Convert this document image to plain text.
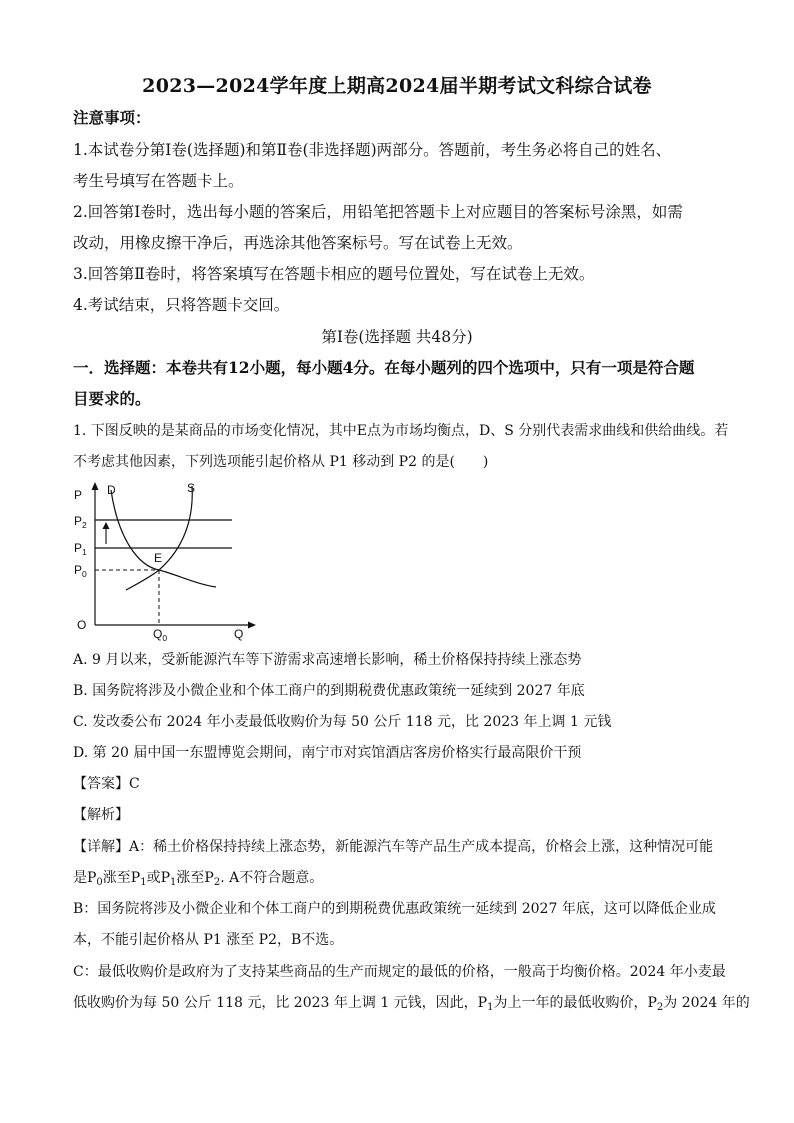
2023—2024学年度上期高2024届半期考试文科综合试卷
注意事项：
1.本试卷分第Ⅰ卷(选择题)和第Ⅱ卷(非选择题)两部分。答题前，考生务必将自己的姓名、
考生号填写在答题卡上。
2.回答第Ⅰ卷时，选出每小题的答案后，用铅笔把答题卡上对应题目的答案标号涂黑，如需
改动，用橡皮擦干净后，再选涂其他答案标号。写在试卷上无效。
3.回答第Ⅱ卷时，将答案填写在答题卡相应的题号位置处，写在试卷上无效。
4.考试结束，只将答题卡交回。
第Ⅰ卷(选择题 共48分)
一．选择题：本卷共有12小题，每小题4分。在每小题列的四个选项中，只有一项是符合题
目要求的。
1. 下图反映的是某商品的市场变化情况，其中E点为市场均衡点，D、S 分别代表需求曲线和供给曲线。若
不考虑其他因素，下列选项能引起价格从 P1 移动到 P2 的是(　　)
P
$P_2$
$P_1$
$P_0$
O
$Q_0$	Q
D	S
E
A. 9 月以来，受新能源汽车等下游需求高速增长影响，稀土价格保持持续上涨态势
B. 国务院将涉及小微企业和个体工商户的到期税费优惠政策统一延续到 2027 年底
C. 发改委公布 2024 年小麦最低收购价为每 50 公斤 118 元，比 2023 年上调 1 元钱
D. 第 20 届中国一东盟博览会期间，南宁市对宾馆酒店客房价格实行最高限价干预
【答案】C
【解析】
【详解】A：稀土价格保持持续上涨态势，新能源汽车等产品生产成本提高，价格会上涨，这种情况可能
是$P_0$涨至$P_1$或$P_1$涨至$P_2$. A不符合题意。
B：国务院将涉及小微企业和个体工商户的到期税费优惠政策统一延续到 2027 年底，这可以降低企业成
本，不能引起价格从 P1 涨至 P2，B不选。
C：最低收购价是政府为了支持某些商品的生产而规定的最低的价格，一般高于均衡价格。2024 年小麦最
低收购价为每 50 公斤 118 元，比 2023 年上调 1 元钱，因此，$P_1$为上一年的最低收购价，$P_2$为 2024 年的
